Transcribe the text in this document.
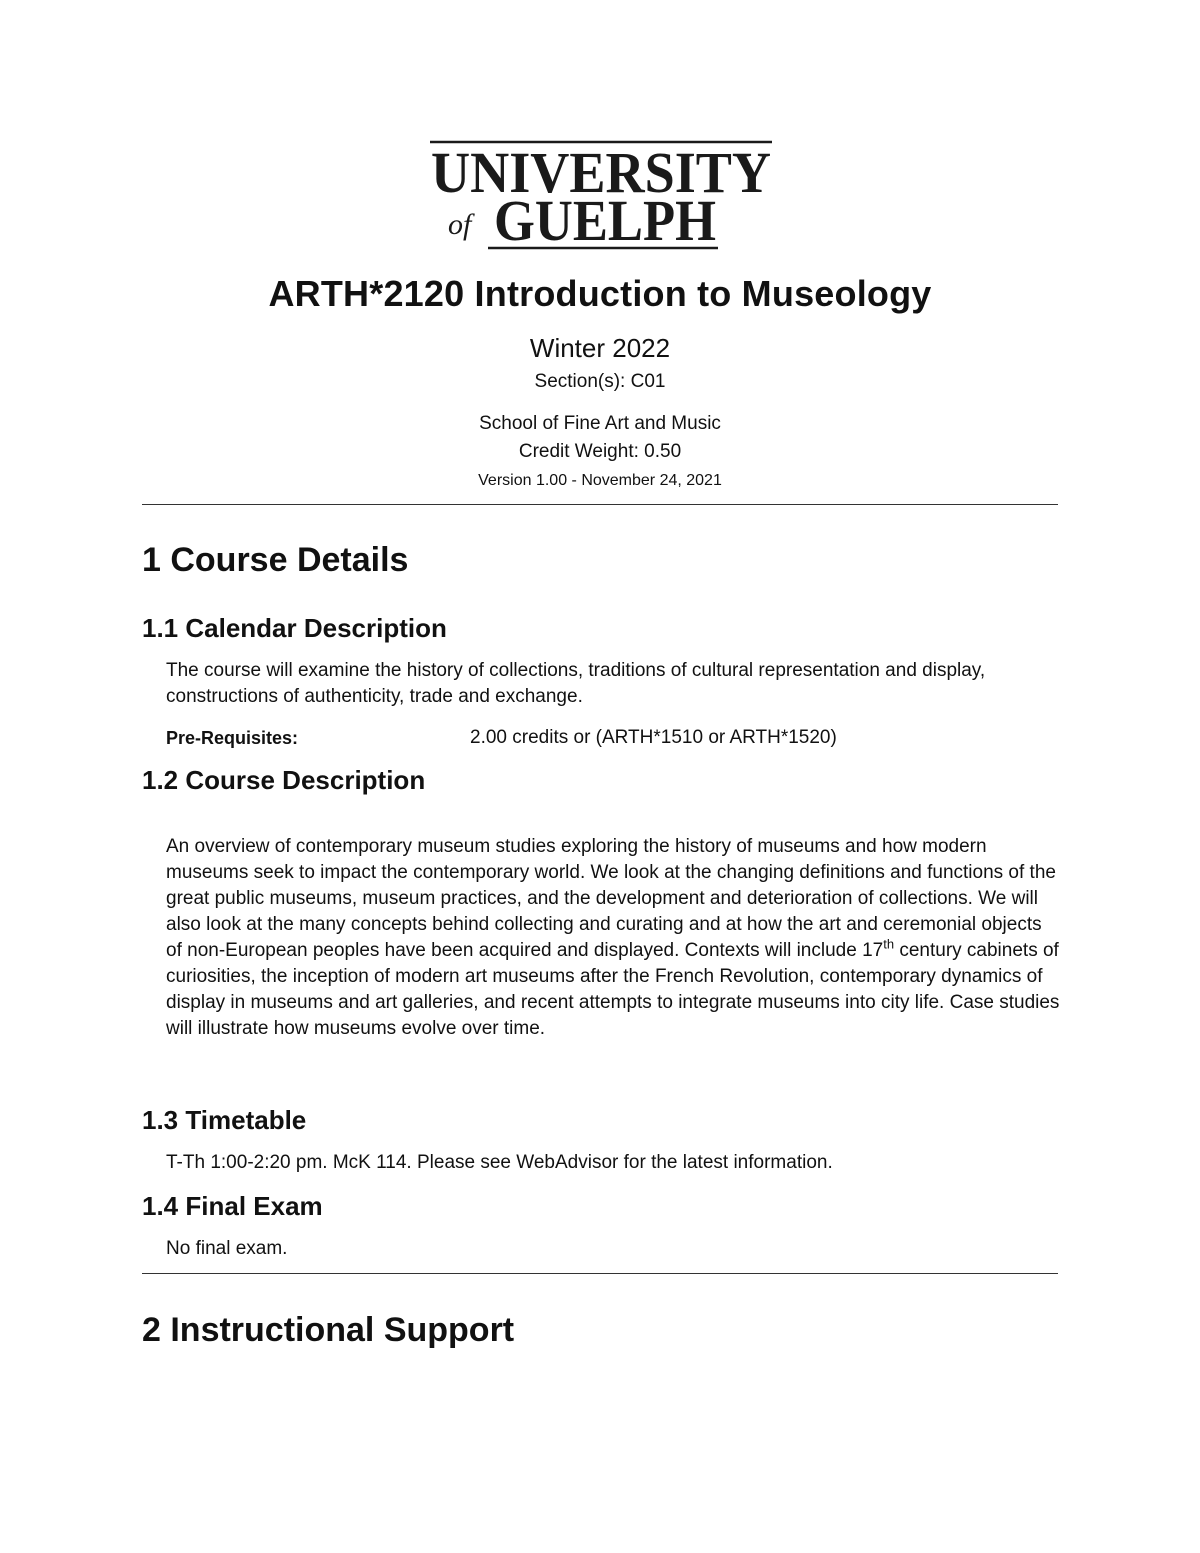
UNIVERSITY
of GUELPH
ARTH*2120 Introduction to Museology
Winter 2022
Section(s): C01
School of Fine Art and Music
Credit Weight: 0.50
Version 1.00 - November 24, 2021
1 Course Details
1.1 Calendar Description

The course will examine the history of collections, traditions of cultural representation and display, constructions of authenticity, trade and exchange.

Pre-Requisites:	2.00 credits or (ARTH*1510 or ARTH*1520)
1.2 Course Description

An overview of contemporary museum studies exploring the history of museums and how modern museums seek to impact the contemporary world. We look at the changing definitions and functions of the great public museums, museum practices, and the development and deterioration of collections. We will also look at the many concepts behind collecting and curating and at how the art and ceremonial objects of non-European peoples have been acquired and displayed. Contexts will include 17th century cabinets of curiosities, the inception of modern art museums after the French Revolution, contemporary dynamics of display in museums and art galleries, and recent attempts to integrate museums into city life. Case studies will illustrate how museums evolve over time.

1.3 Timetable

T-Th 1:00-2:20 pm. McK 114. Please see WebAdvisor for the latest information.

1.4 Final Exam

No final exam.

2 Instructional Support
